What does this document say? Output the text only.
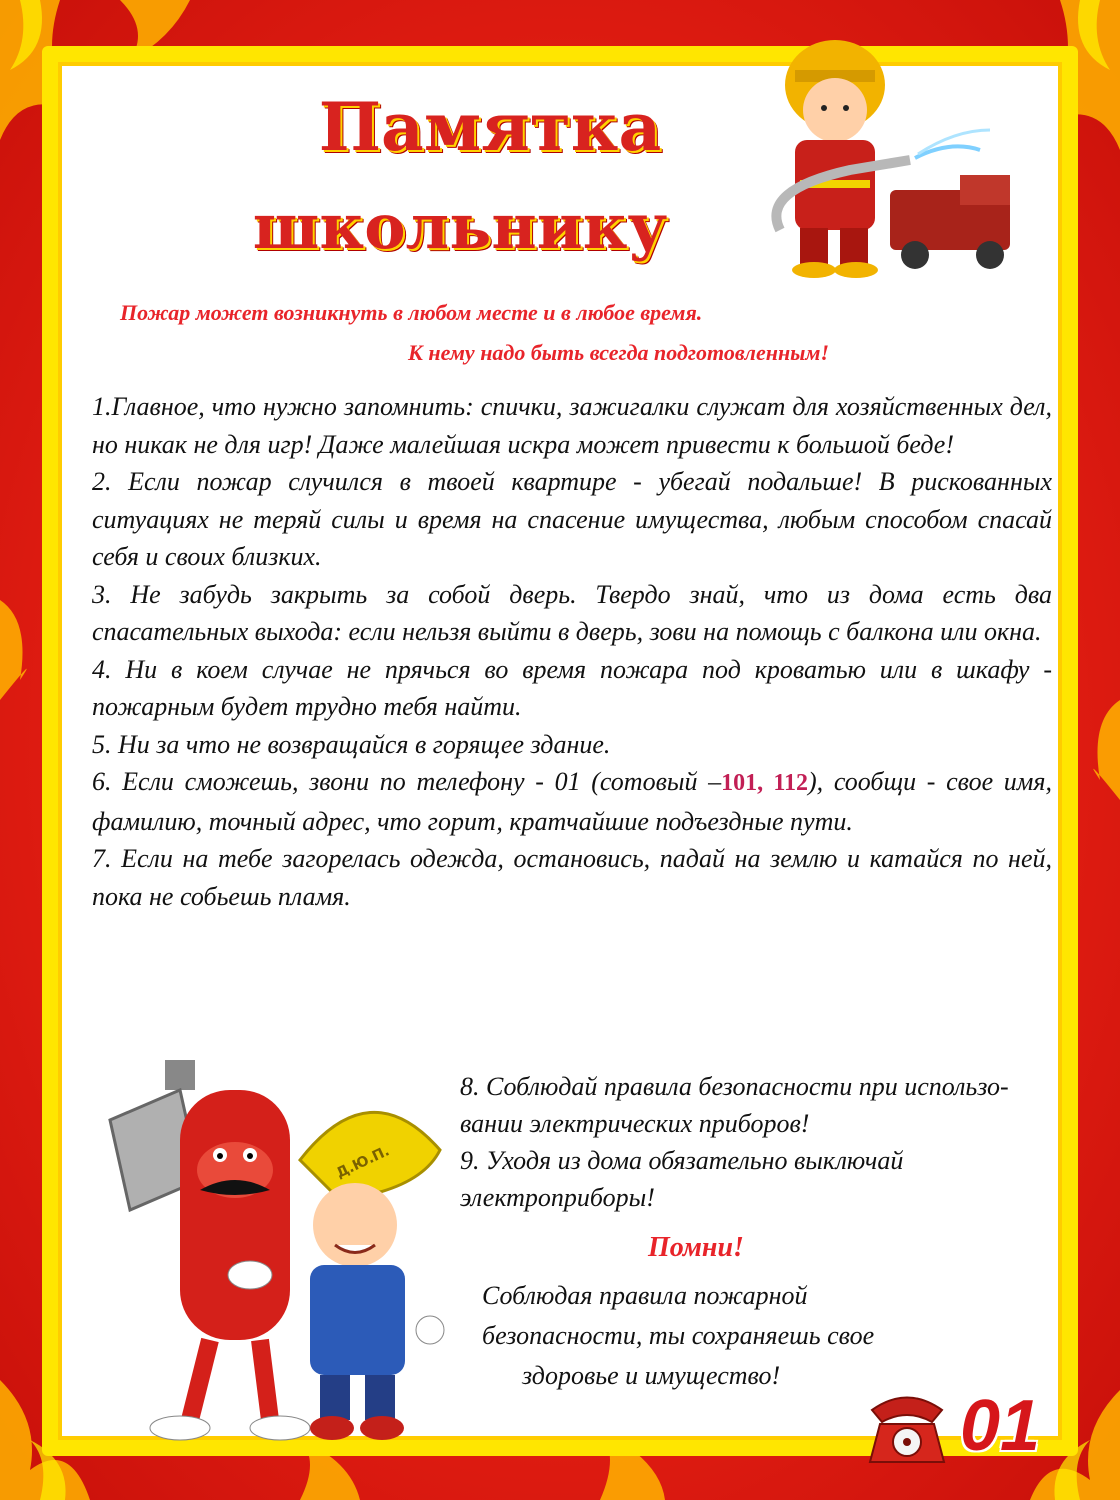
Памятка
школьнику
Пожар может возникнуть в любом месте и в любое время.
К нему надо быть всегда подготовленным!

1.Главное, что нужно запомнить: спички, зажигалки служат для хозяйственных дел, но никак не для игр! Даже малейшая искра может привести к большой беде!

2. Если пожар случился в твоей квартире - убегай подальше! В рискованных ситуациях не теряй силы и время на спасение имущества, любым способом спасай себя и своих близких.

3. Не забудь закрыть за собой дверь. Твердо знай, что из дома есть два спасательных выхода: если нельзя выйти в дверь, зови на помощь с балкона или окна.

4. Ни в коем случае не прячься во время пожара под кроватью или в шкафу - пожарным будет трудно тебя найти.

5. Ни за что не возвращайся в горящее здание.

6. Если сможешь, звони по телефону - 01 (сотовый –101, 112), сообщи - свое имя, фамилию, точный адрес, что горит, кратчайшие подъездные пути.

7. Если на тебе загорелась одежда, остановись, падай на землю и катайся по ней, пока не собьешь пламя.

8. Соблюдай правила безопасности при использо-вании электрических приборов!

9. Уходя из дома обязательно выключай электроприборы!

Д.Ю.П.
Помни!

Соблюдая правила пожарной

безопасности, ты сохраняешь свое

здоровье и имущество!

01
